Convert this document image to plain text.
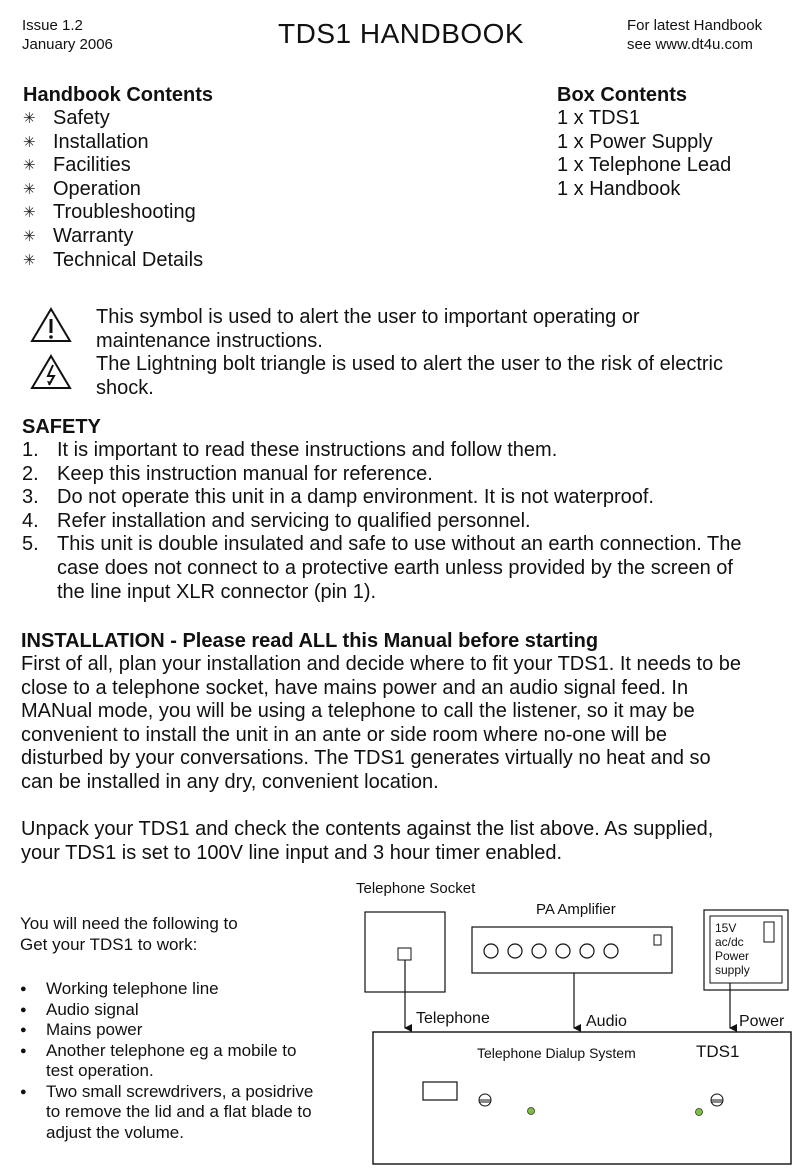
Issue 1.2
January 2006	TDS1 HANDBOOK	For latest Handbook
see www.dt4u.com
Handbook Contents
✳ Safety
✳ Installation
✳ Facilities
✳ Operation
✳ Troubleshooting
✳ Warranty
✳ Technical Details
Box Contents
1 x TDS1
1 x Power Supply
1 x Telephone Lead
1 x Handbook
This symbol is used to alert the user to important operating or
maintenance instructions.
The Lightning bolt triangle is used to alert the user to the risk of electric
shock.
SAFETY
1. It is important to read these instructions and follow them.
2. Keep this instruction manual for reference.
3. Do not operate this unit in a damp environment. It is not waterproof.
4. Refer installation and servicing to qualified personnel.
5. This unit is double insulated and safe to use without an earth connection. The
case does not connect to a protective earth unless provided by the screen of
the line input XLR connector (pin 1).
INSTALLATION - Please read ALL this Manual before starting
First of all, plan your installation and decide where to fit your TDS1. It needs to be
close to a telephone socket, have mains power and an audio signal feed. In
MANual mode, you will be using a telephone to call the listener, so it may be
convenient to install the unit in an ante or side room where no-one will be
disturbed by your conversations. The TDS1 generates virtually no heat and so
can be installed in any dry, convenient location.
Unpack your TDS1 and check the contents against the list above. As supplied,
your TDS1 is set to 100V line input and 3 hour timer enabled.
You will need the following to
Get your TDS1 to work:
●	Working telephone line
●	Audio signal
●	Mains power
●	Another telephone eg a mobile to
test operation.
●	Two small screwdrivers, a posidrive
to remove the lid and a flat blade to
adjust the volume.
Telephone Socket
PA Amplifier
15V
ac/dc
Power
supply
Telephone	Audio	Power
Telephone Dialup System	TDS1
